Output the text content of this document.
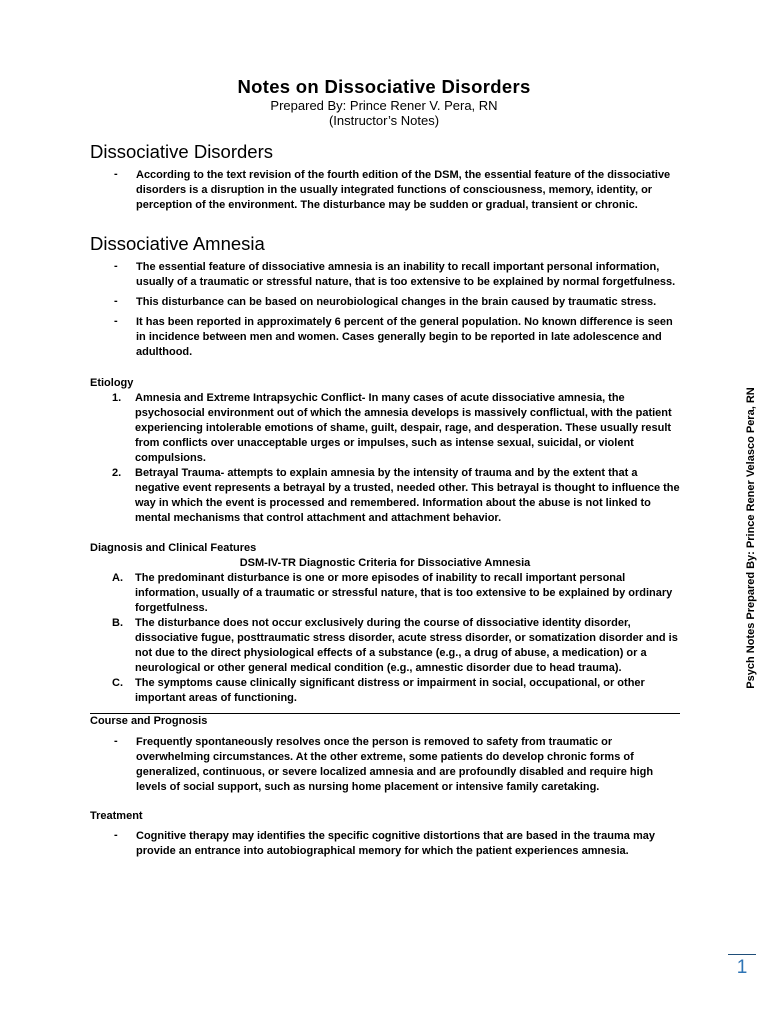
Notes on Dissociative Disorders
Prepared By: Prince Rener V. Pera, RN
(Instructor’s Notes)
Dissociative Disorders
- According to the text revision of the fourth edition of the DSM, the essential feature of the dissociative disorders is a disruption in the usually integrated functions of consciousness, memory, identity, or perception of the environment. The disturbance may be sudden or gradual, transient or chronic.
Dissociative Amnesia
- The essential feature of dissociative amnesia is an inability to recall important personal information, usually of a traumatic or stressful nature, that is too extensive to be explained by normal forgetfulness.
- This disturbance can be based on neurobiological changes in the brain caused by traumatic stress.
- It has been reported in approximately 6 percent of the general population. No known difference is seen in incidence between men and women. Cases generally begin to be reported in late adolescence and adulthood.
Etiology
1. Amnesia and Extreme Intrapsychic Conflict- In many cases of acute dissociative amnesia, the psychosocial environment out of which the amnesia develops is massively conflictual, with the patient experiencing intolerable emotions of shame, guilt, despair, rage, and desperation. These usually result from conflicts over unacceptable urges or impulses, such as intense sexual, suicidal, or violent compulsions.
2. Betrayal Trauma- attempts to explain amnesia by the intensity of trauma and by the extent that a negative event represents a betrayal by a trusted, needed other. This betrayal is thought to influence the way in which the event is processed and remembered. Information about the abuse is not linked to mental mechanisms that control attachment and attachment behavior.
Diagnosis and Clinical Features
DSM-IV-TR Diagnostic Criteria for Dissociative Amnesia
A. The predominant disturbance is one or more episodes of inability to recall important personal information, usually of a traumatic or stressful nature, that is too extensive to be explained by ordinary forgetfulness.
B. The disturbance does not occur exclusively during the course of dissociative identity disorder, dissociative fugue, posttraumatic stress disorder, acute stress disorder, or somatization disorder and is not due to the direct physiological effects of a substance (e.g., a drug of abuse, a medication) or a neurological or other general medical condition (e.g., amnestic disorder due to head trauma).
C. The symptoms cause clinically significant distress or impairment in social, occupational, or other important areas of functioning.
Course and Prognosis
- Frequently spontaneously resolves once the person is removed to safety from traumatic or overwhelming circumstances. At the other extreme, some patients do develop chronic forms of generalized, continuous, or severe localized amnesia and are profoundly disabled and require high levels of social support, such as nursing home placement or intensive family caretaking.
Treatment
- Cognitive therapy may identifies the specific cognitive distortions that are based in the trauma may provide an entrance into autobiographical memory for which the patient experiences amnesia.
Psych Notes Prepared By: Prince Rener Velasco Pera, RN
1
